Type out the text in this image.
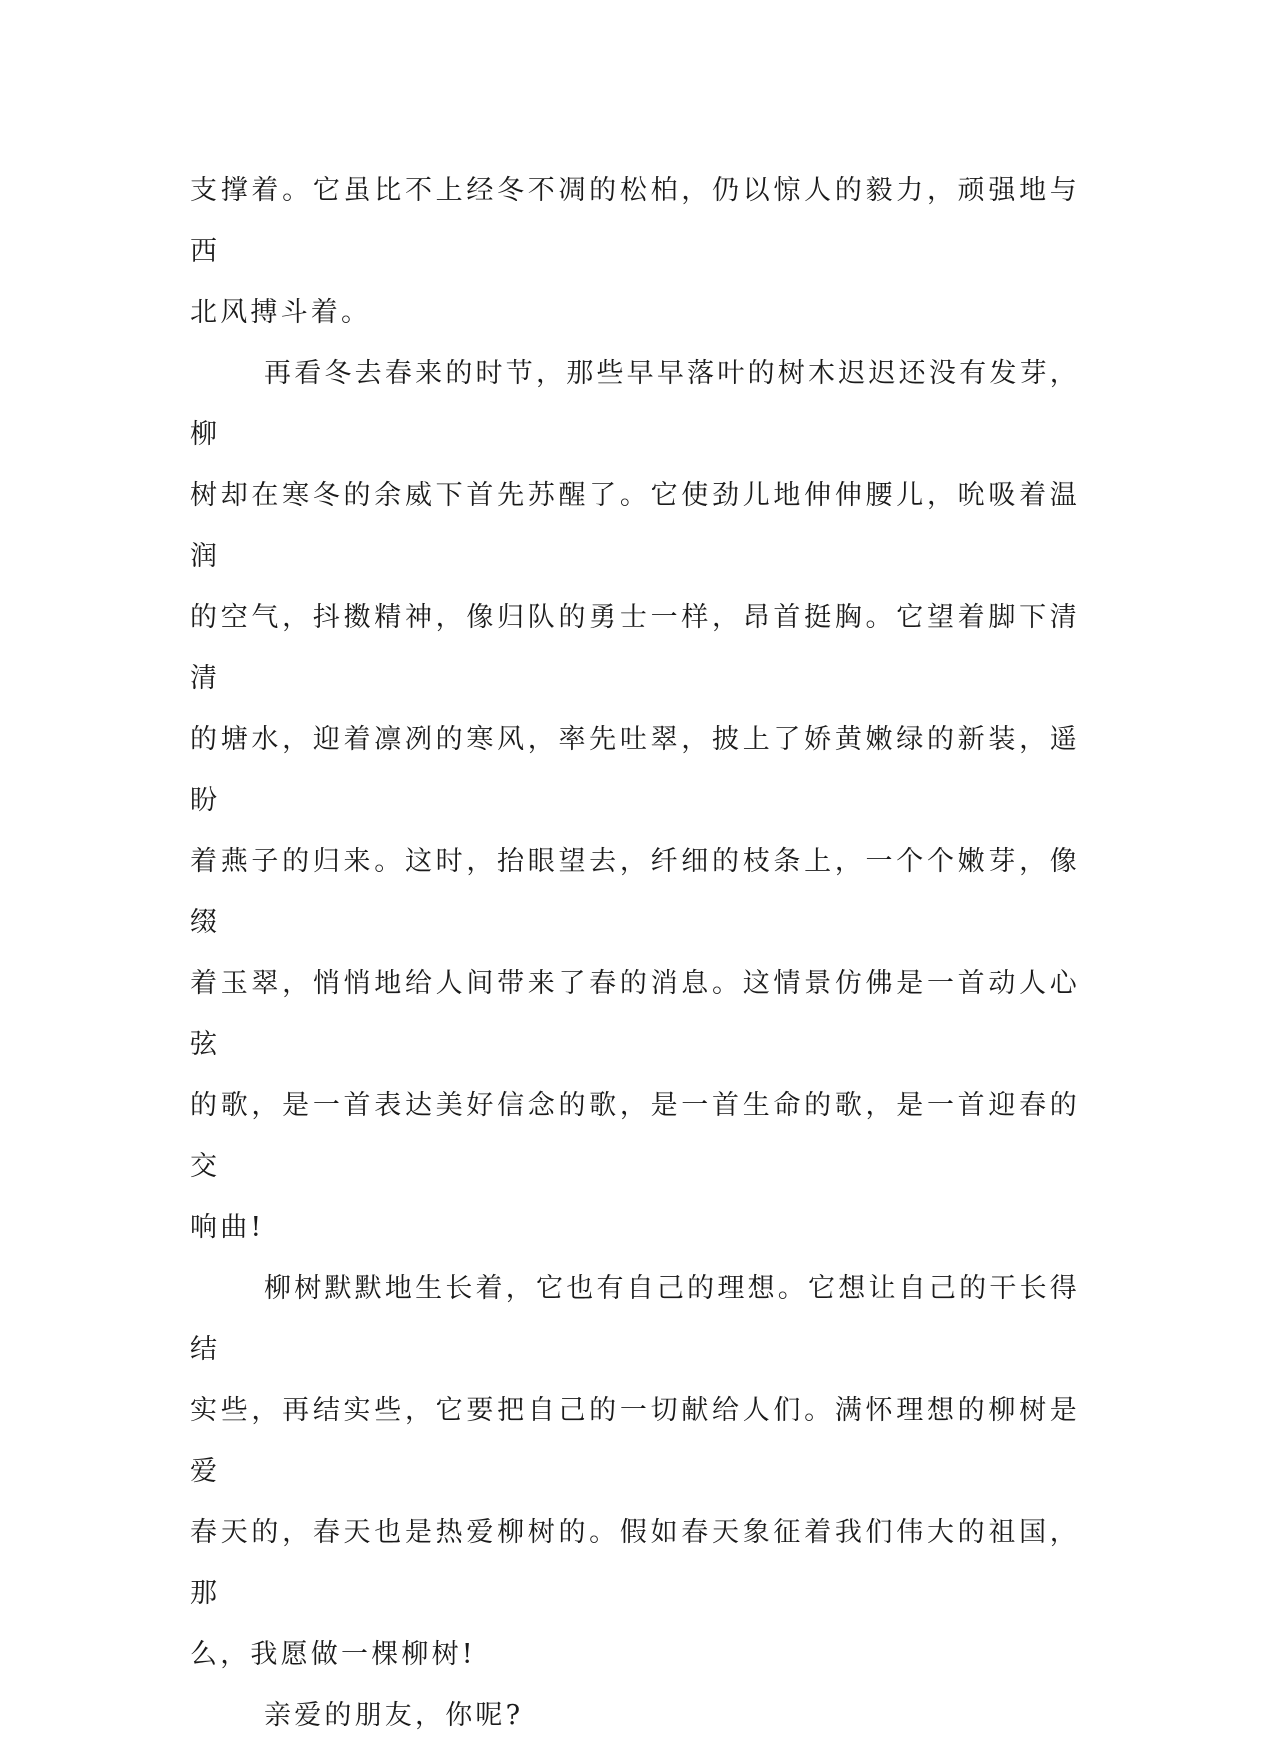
支撑着。它虽比不上经冬不凋的松柏，仍以惊人的毅力，顽强地与西
北风搏斗着。

再看冬去春来的时节，那些早早落叶的树木迟迟还没有发芽，柳
树却在寒冬的余威下首先苏醒了。它使劲儿地伸伸腰儿，吮吸着温润
的空气，抖擞精神，像归队的勇士一样，昂首挺胸。它望着脚下清清
的塘水，迎着凛冽的寒风，率先吐翠，披上了娇黄嫩绿的新装，遥盼
着燕子的归来。这时，抬眼望去，纤细的枝条上，一个个嫩芽，像缀
着玉翠，悄悄地给人间带来了春的消息。这情景仿佛是一首动人心弦
的歌，是一首表达美好信念的歌，是一首生命的歌，是一首迎春的交
响曲!

柳树默默地生长着，它也有自己的理想。它想让自己的干长得结
实些，再结实些，它要把自己的一切献给人们。满怀理想的柳树是爱
春天的，春天也是热爱柳树的。假如春天象征着我们伟大的祖国，那
么，我愿做一棵柳树!

亲爱的朋友，你呢?
